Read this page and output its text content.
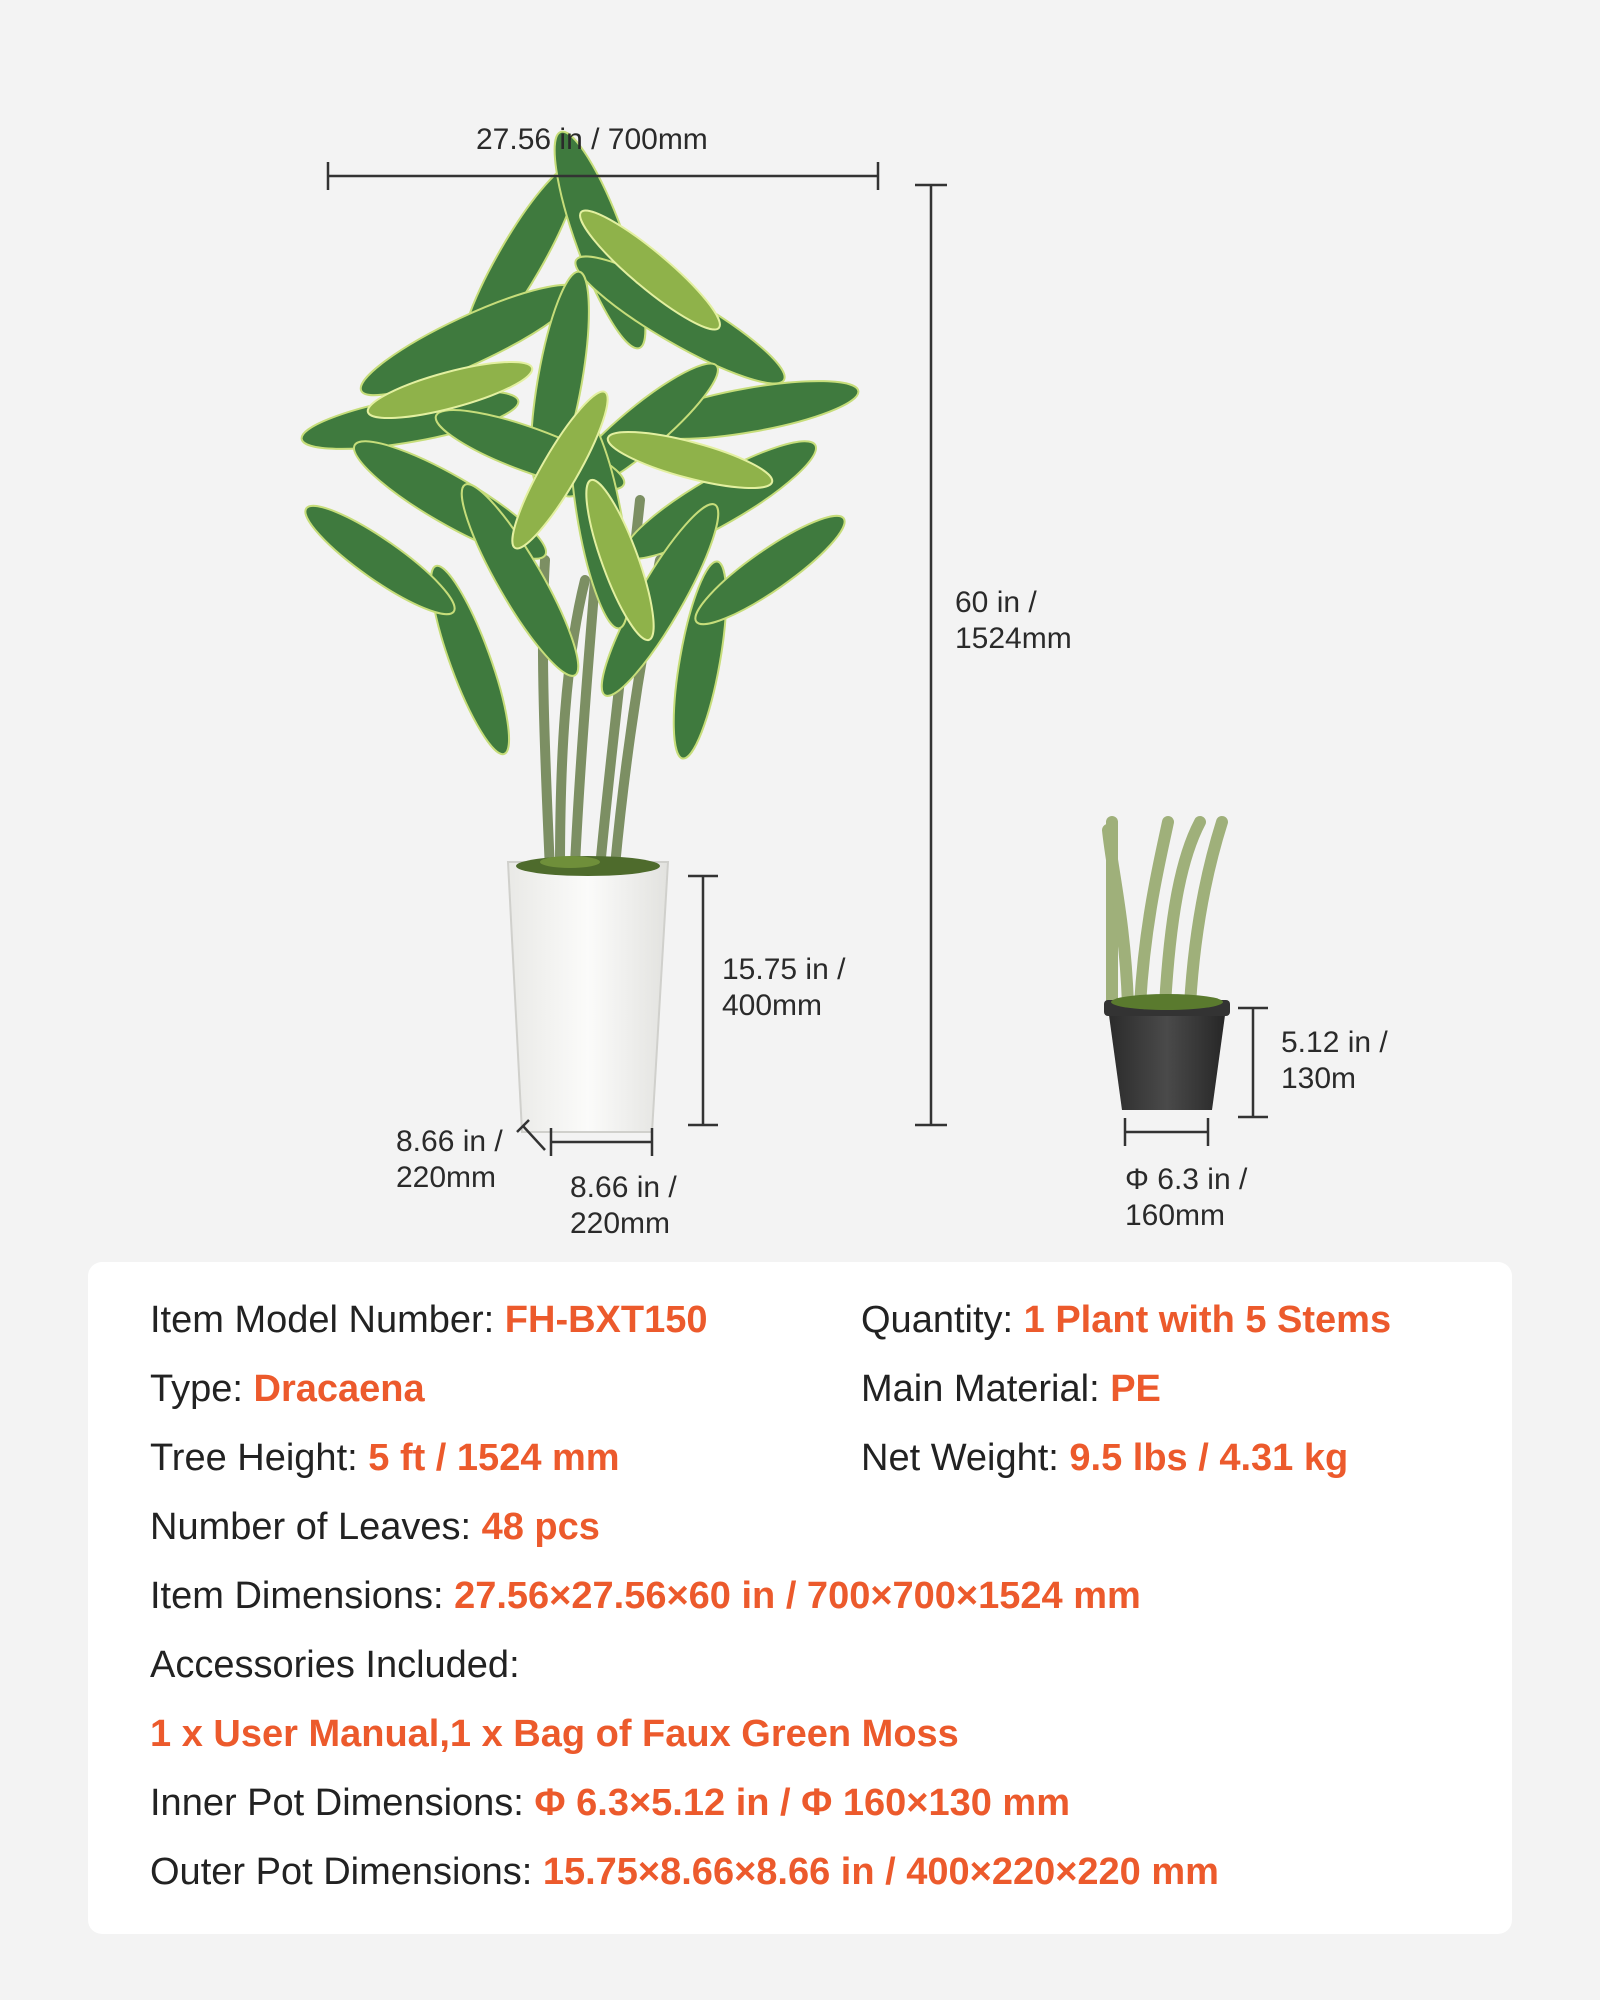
27.56 in / 700mm
60 in /
1524mm
15.75 in /
400mm
8.66 in /
220mm 8.66 in /
220mm
5.12 in /
130m
Φ 6.3 in /
160mm
Item Model Number: FH-BXT150	Quantity: 1 Plant with 5 Stems
Type: Dracaena	Main Material: PE
Tree Height: 5 ft / 1524 mm	Net Weight: 9.5 lbs / 4.31 kg
Number of Leaves: 48 pcs
Item Dimensions: 27.56×27.56×60 in / 700×700×1524 mm
Accessories Included:
1 x User Manual,1 x Bag of Faux Green Moss
Inner Pot Dimensions: Φ 6.3×5.12 in / Φ 160×130 mm
Outer Pot Dimensions: 15.75×8.66×8.66 in / 400×220×220 mm
